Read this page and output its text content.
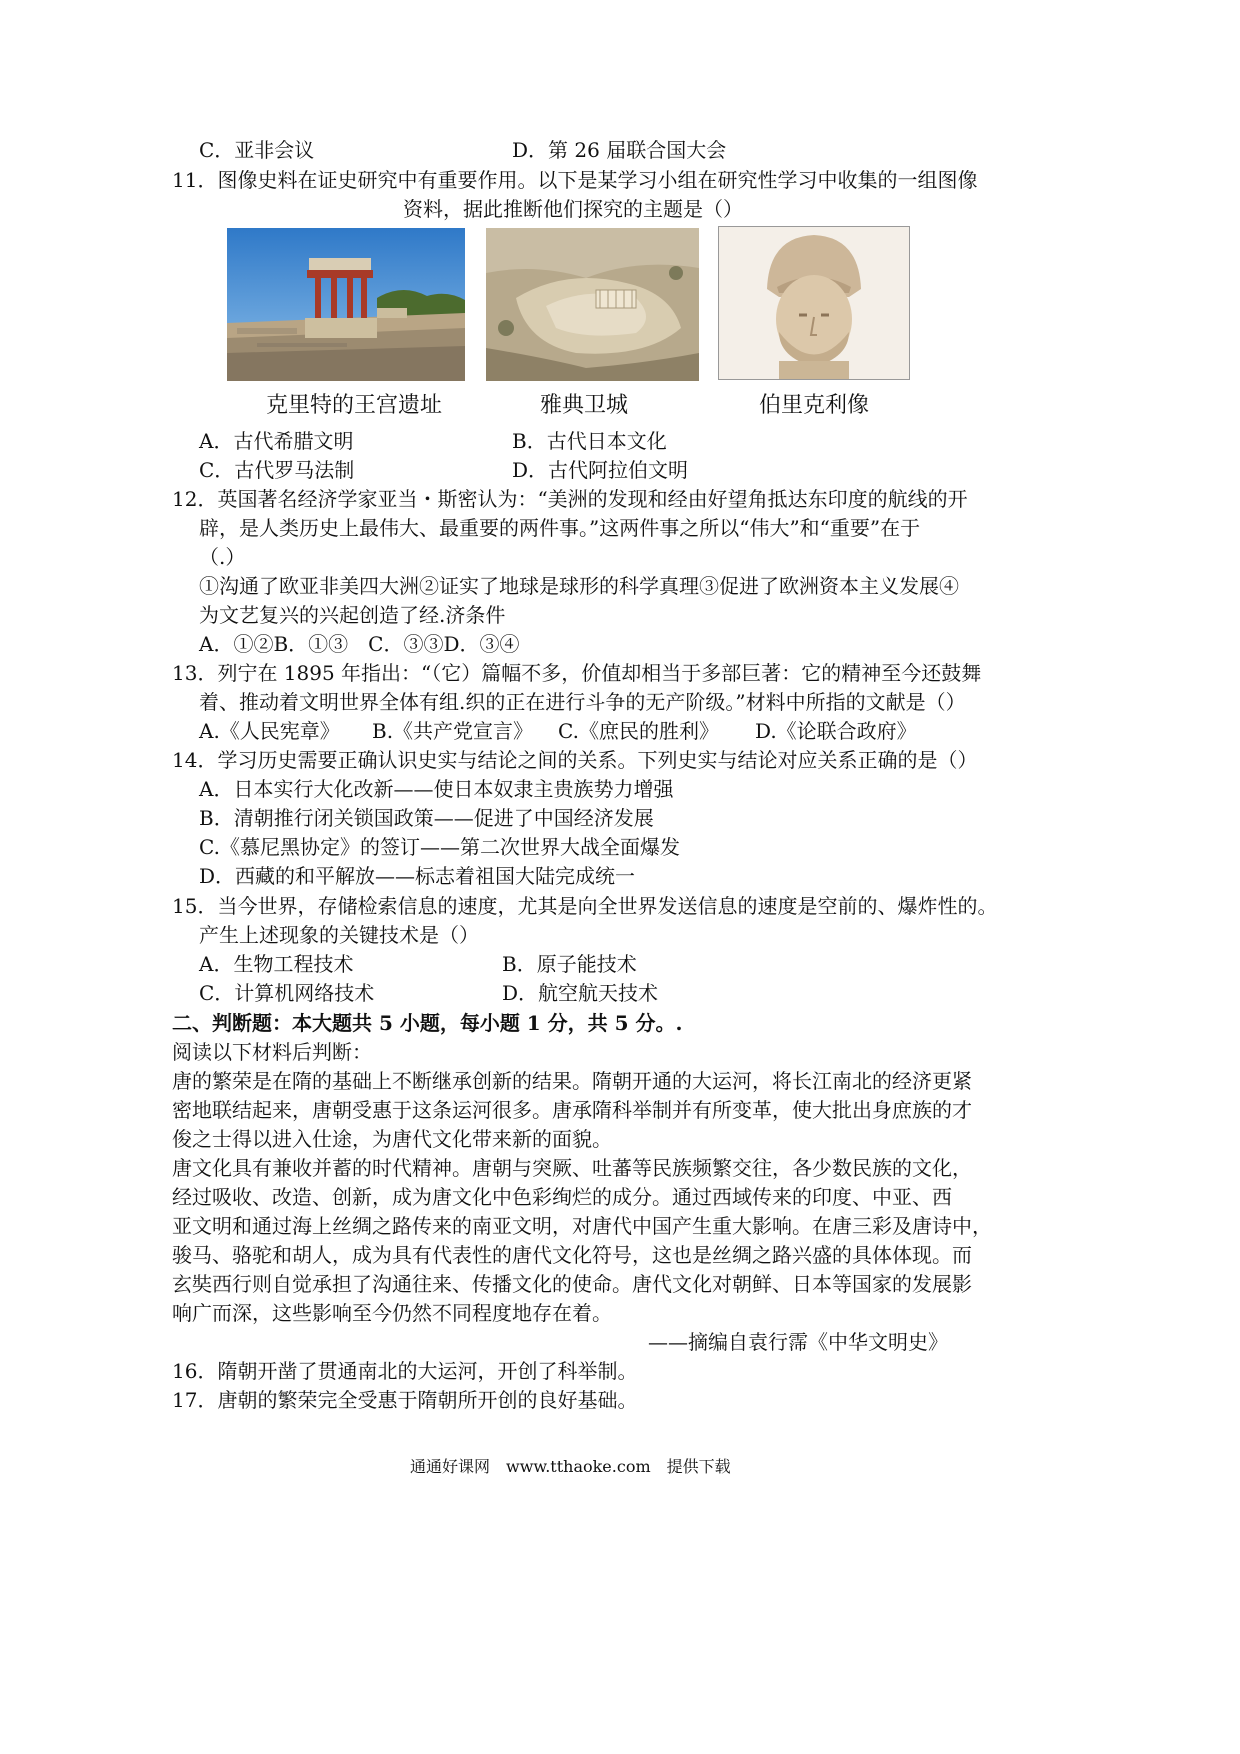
C．亚非会议	D．第 26 届联合国大会
11．图像史料在证史研究中有重要作用。以下是某学习小组在研究性学习中收集的一组图像
资料，据此推断他们探究的主题是（）
克里特的王宫遗址	雅典卫城	伯里克利像
A．古代希腊文明	B．古代日本文化
C．古代罗马法制	D．古代阿拉伯文明
12．英国著名经济学家亚当・斯密认为：“美洲的发现和经由好望角抵达东印度的航线的开
辟，是人类历史上最伟大、最重要的两件事。”这两件事之所以“伟大”和“重要”在于
（.）
①沟通了欧亚非美四大洲②证实了地球是球形的科学真理③促进了欧洲资本主义发展④
为文艺复兴的兴起创造了经.济条件
A．①②B．①③　C．③③D．③④
13．列宁在 1895 年指出：“（它）篇幅不多，价值却相当于多部巨著：它的精神至今还鼓舞
着、推动着文明世界全体有组.织的正在进行斗争的无产阶级。”材料中所指的文献是（）
A.《人民宪章》 B.《共产党宣言》 C.《庶民的胜利》 D.《论联合政府》
14．学习历史需要正确认识史实与结论之间的关系。下列史实与结论对应关系正确的是（）
A．日本实行大化改新——使日本奴隶主贵族势力增强
B．清朝推行闭关锁国政策——促进了中国经济发展
C.《慕尼黑协定》的签订——第二次世界大战全面爆发
D．西藏的和平解放——标志着祖国大陆完成统一
15．当今世界，存储检索信息的速度，尤其是向全世界发送信息的速度是空前的、爆炸性的。
产生上述现象的关键技术是（）
A．生物工程技术	B．原子能技术
C．计算机网络技术	D．航空航天技术
二、判断题：本大题共 5 小题，每小题 1 分，共 5 分。.
阅读以下材料后判断：
唐的繁荣是在隋的基础上不断继承创新的结果。隋朝开通的大运河，将长江南北的经济更紧
密地联结起来，唐朝受惠于这条运河很多。唐承隋科举制并有所变革，使大批出身庶族的才
俊之士得以进入仕途，为唐代文化带来新的面貌。
唐文化具有兼收并蓄的时代精神。唐朝与突厥、吐蕃等民族频繁交往，各少数民族的文化，
经过吸收、改造、创新，成为唐文化中色彩绚烂的成分。通过西域传来的印度、中亚、西
亚文明和通过海上丝绸之路传来的南亚文明，对唐代中国产生重大影响。在唐三彩及唐诗中，
骏马、骆驼和胡人，成为具有代表性的唐代文化符号，这也是丝绸之路兴盛的具体体现。而
玄奘西行则自觉承担了沟通往来、传播文化的使命。唐代文化对朝鲜、日本等国家的发展影
响广而深，这些影响至今仍然不同程度地存在着。
——摘编自袁行霈《中华文明史》
16．隋朝开凿了贯通南北的大运河，开创了科举制。
17．唐朝的繁荣完全受惠于隋朝所开创的良好基础。
通通好课网　www.tthaoke.com　提供下载
